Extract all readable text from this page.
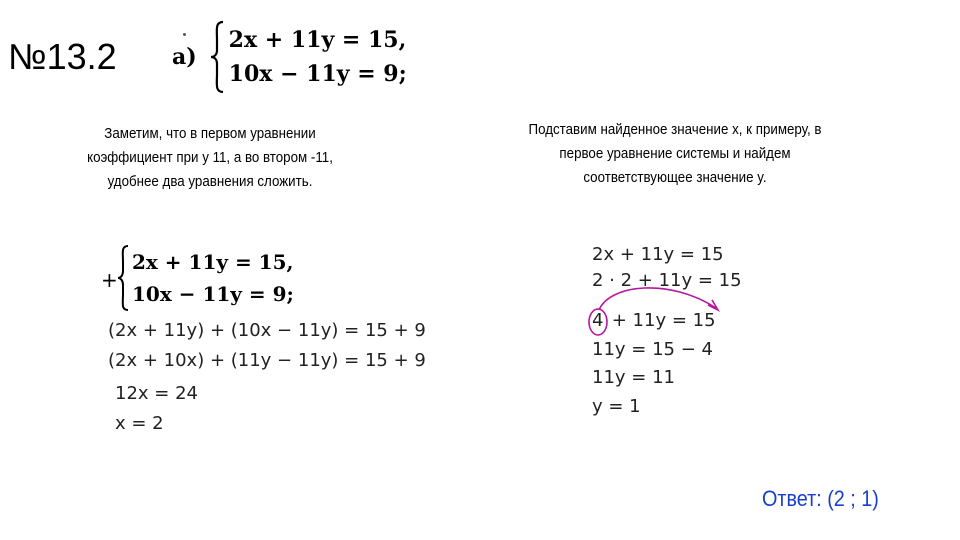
№13.2	а)
2x + 11y = 15,
10x − 11y = 9;
Заметим, что в первом уравнении
коэффициент при y 11, а во втором -11,
удобнее два уравнения сложить.
Подставим найденное значение x, к примеру, в
первое уравнение системы и найдем
соответствующее значение y.
+
2x + 11y = 15,
10x − 11y = 9;
(2x + 11y) + (10x − 11y) = 15 + 9
(2x + 10x) + (11y − 11y) = 15 + 9
12x = 24
x = 2
2x + 11y = 15
2 · 2 + 11y = 15
4 + 11y = 15
11y = 15 − 4
11y = 11
y = 1
Ответ: (2 ; 1)
